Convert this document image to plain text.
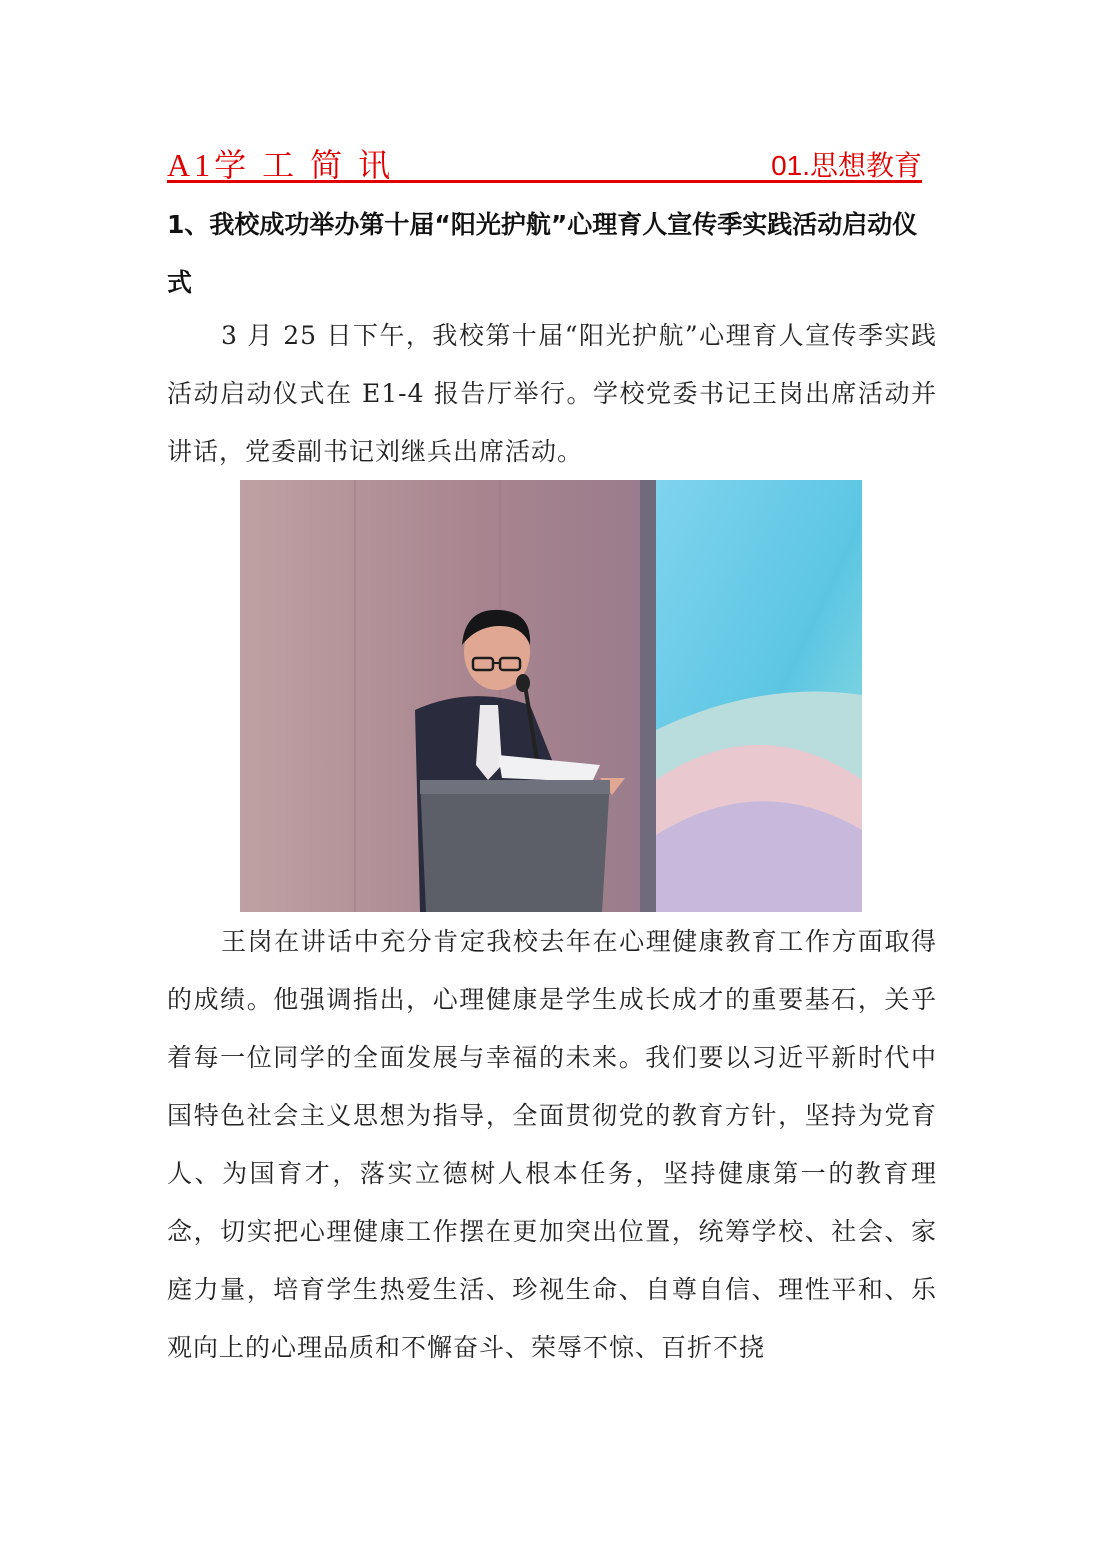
A1学 工 简 讯	01.思想教育
1、我校成功举办第十届“阳光护航”心理育人宣传季实践活动启动仪式

3 月 25 日下午，我校第十届“阳光护航”心理育人宣传季实践活动启动仪式在 E1-4 报告厅举行。学校党委书记王岗出席活动并讲话，党委副书记刘继兵出席活动。

王岗在讲话中充分肯定我校去年在心理健康教育工作方面取得的成绩。他强调指出，心理健康是学生成长成才的重要基石，关乎着每一位同学的全面发展与幸福的未来。我们要以习近平新时代中国特色社会主义思想为指导，全面贯彻党的教育方针，坚持为党育人、为国育才，落实立德树人根本任务，坚持健康第一的教育理念，切实把心理健康工作摆在更加突出位置，统筹学校、社会、家庭力量，培育学生热爱生活、珍视生命、自尊自信、理性平和、乐观向上的心理品质和不懈奋斗、荣辱不惊、百折不挠
